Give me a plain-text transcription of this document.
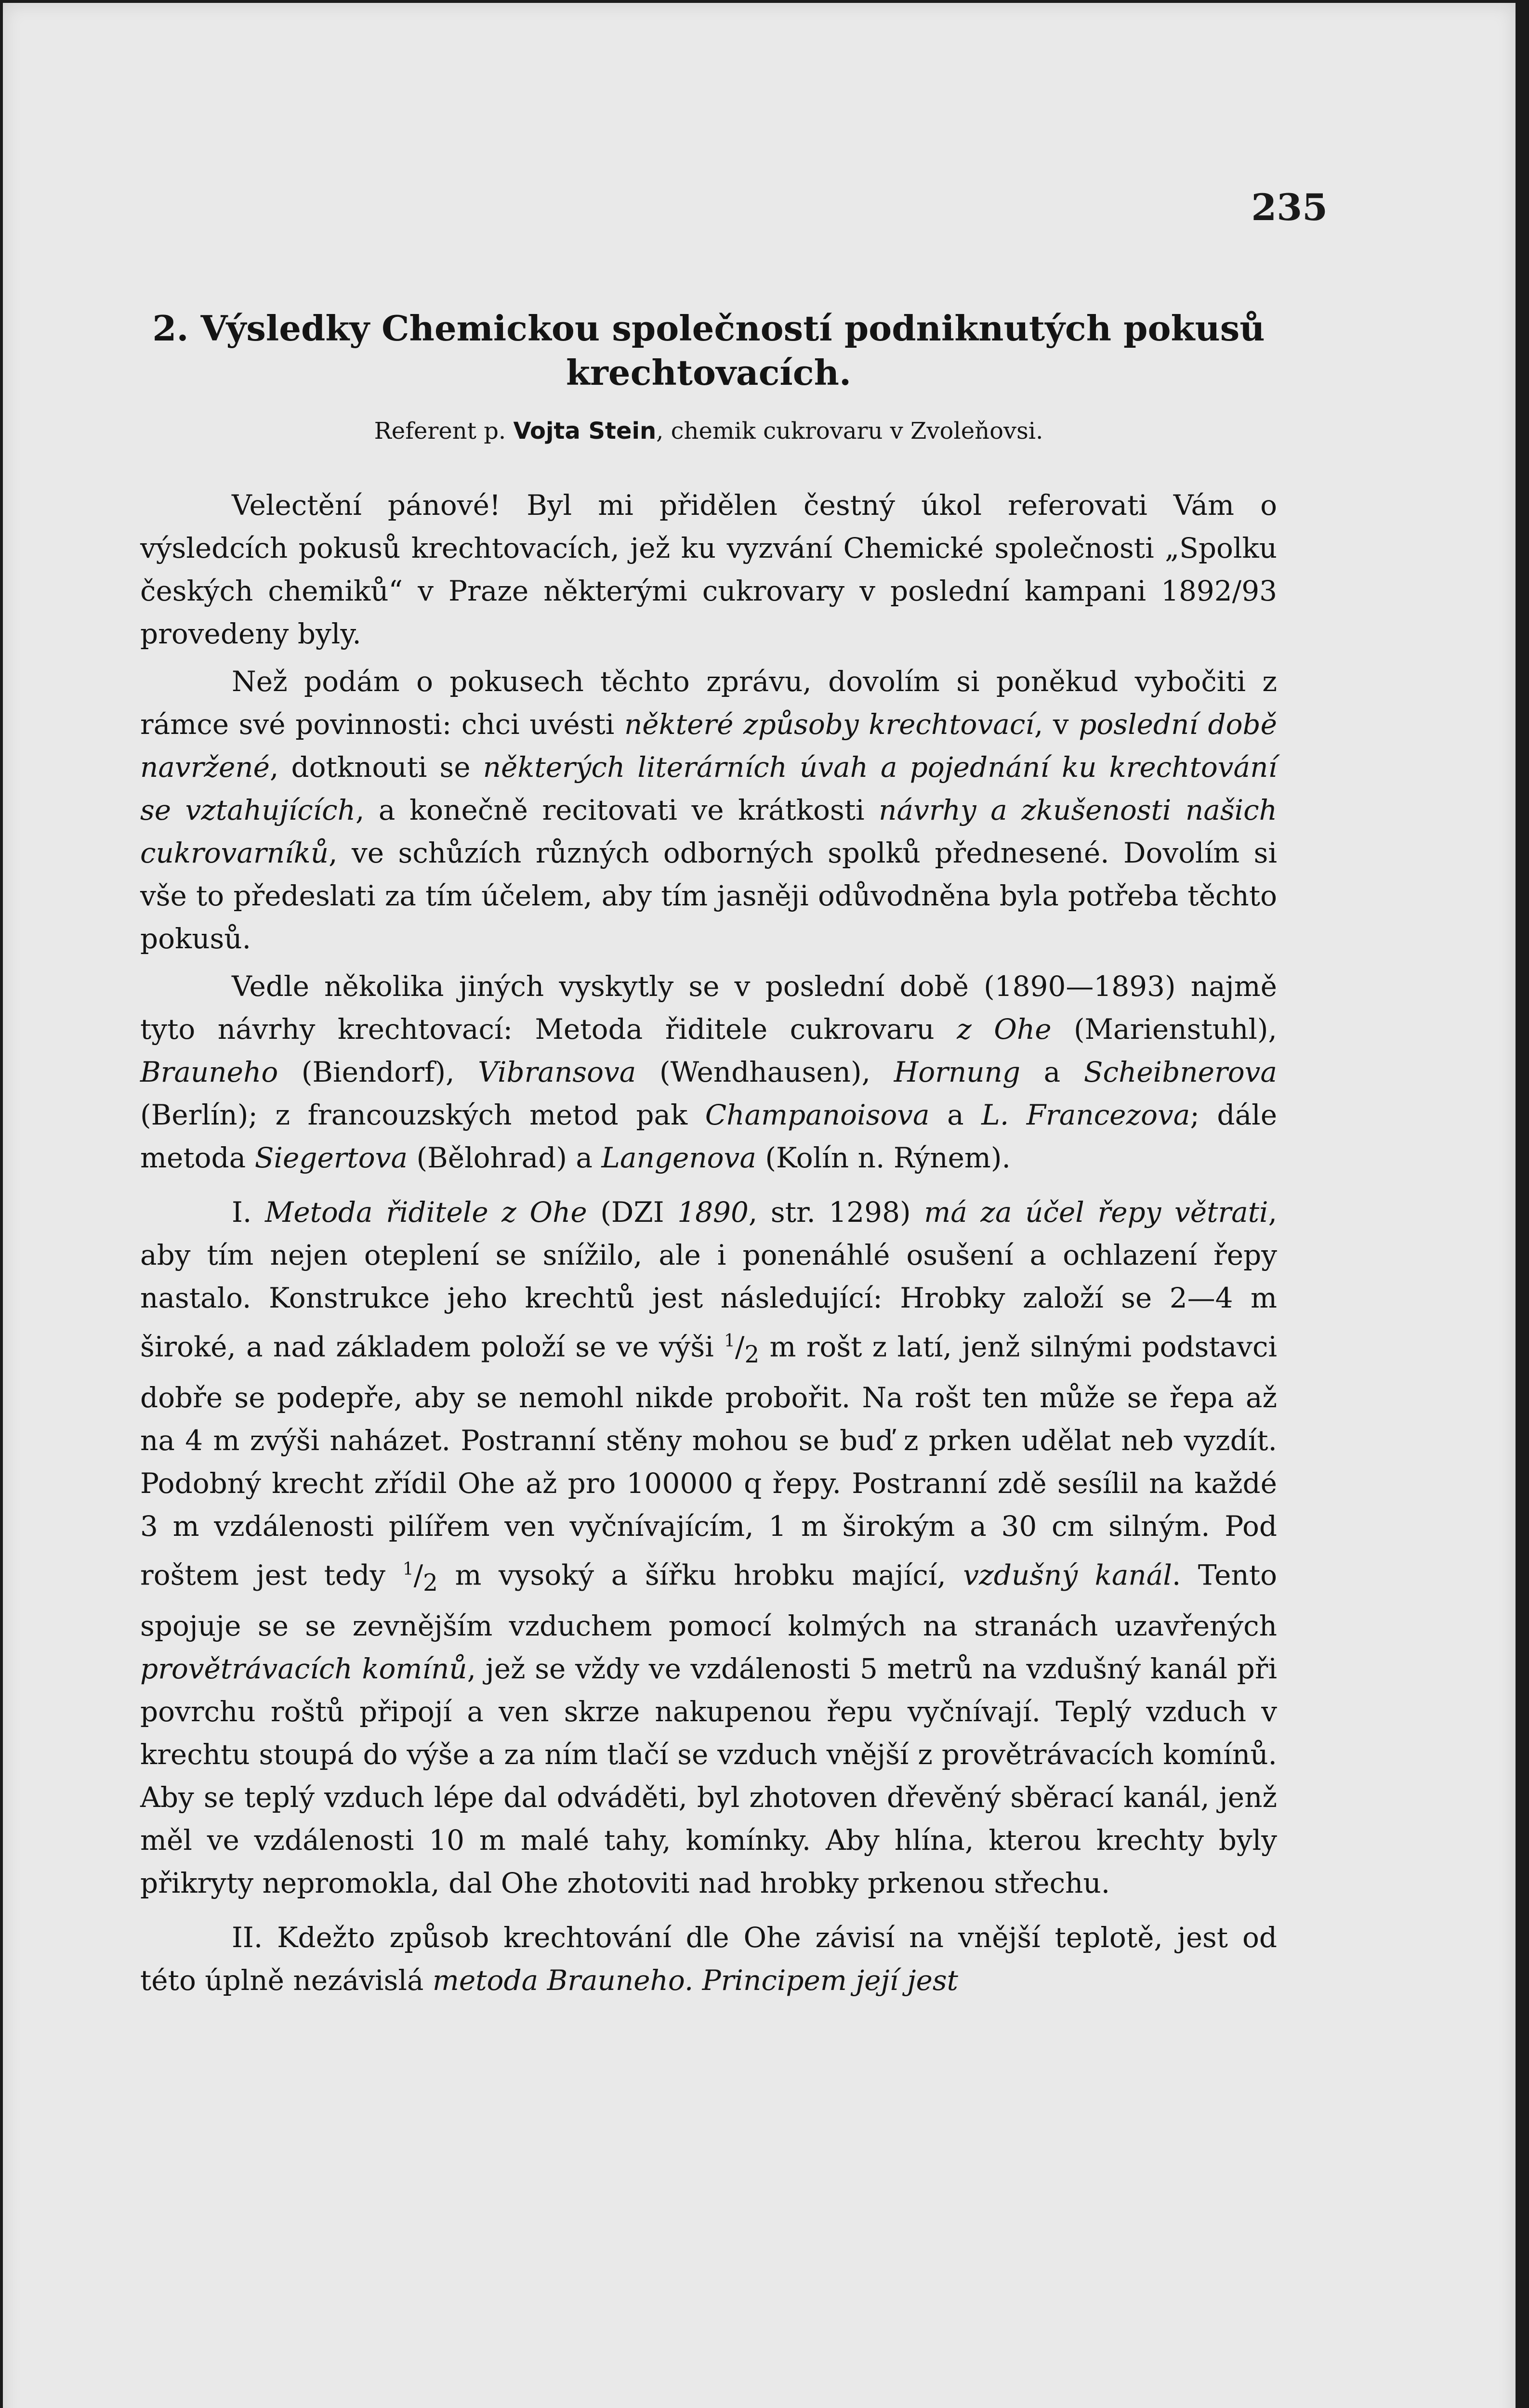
235
2. Výsledky Chemickou společností podniknutých pokusů
krechtovacích.
Referent p. Vojta Stein, chemik cukrovaru v Zvoleňovsi.

Velectění pánové! Byl mi přidělen čestný úkol referovati Vám o výsledcích pokusů krechtovacích, jež ku vyzvání Chemické společnosti „Spolku českých chemiků“ v Praze některými cukrovary v poslední kampani 1892/93 provedeny byly.

Než podám o pokusech těchto zprávu, dovolím si poněkud vybočiti z rámce své povinnosti: chci uvésti některé způsoby krechtovací, v poslední době navržené, dotknouti se některých literárních úvah a pojednání ku krechtování se vztahujících, a konečně recitovati ve krátkosti návrhy a zkušenosti našich cukrovarníků, ve schůzích různých odborných spolků přednesené. Dovolím si vše to předeslati za tím účelem, aby tím jasněji odůvodněna byla potřeba těchto pokusů.

Vedle několika jiných vyskytly se v poslední době (1890—1893) najmě tyto návrhy krechtovací: Metoda řiditele cukrovaru z Ohe (Marienstuhl), Brauneho (Biendorf), Vibransova (Wendhausen), Hornung a Scheibnerova (Berlín); z francouzských metod pak Champanoisova a L. Francezova; dále metoda Siegertova (Bělohrad) a Langenova (Kolín n. Rýnem).

I. Metoda řiditele z Ohe (DZI 1890, str. 1298) má za účel řepy větrati, aby tím nejen oteplení se snížilo, ale i ponenáhlé osušení a ochlazení řepy nastalo. Konstrukce jeho krechtů jest následující: Hrobky založí se 2—4 m široké, a nad základem položí se ve výši $^1/_2$ m rošt z latí, jenž silnými podstavci dobře se podepře, aby se nemohl nikde probořit. Na rošt ten může se řepa až na 4 m zvýši naházet. Postranní stěny mohou se buď z prken udělat neb vyzdít. Podobný krecht zřídil Ohe až pro 100000 q řepy. Postranní zdě sesílil na každé 3 m vzdálenosti pilířem ven vyčnívajícím, 1 m širokým a 30 cm silným. Pod roštem jest tedy $^1/_2$ m vysoký a šířku hrobku mající, vzdušný kanál. Tento spojuje se se zevnějším vzduchem pomocí kolmých na stranách uzavřených provětrávacích komínů, jež se vždy ve vzdálenosti 5 metrů na vzdušný kanál při povrchu roštů připojí a ven skrze nakupenou řepu vyčnívají. Teplý vzduch v krechtu stoupá do výše a za ním tlačí se vzduch vnější z provětrávacích komínů. Aby se teplý vzduch lépe dal odváděti, byl zhotoven dřevěný sběrací kanál, jenž měl ve vzdálenosti 10 m malé tahy, komínky. Aby hlína, kterou krechty byly přikryty nepromokla, dal Ohe zhotoviti nad hrobky prkenou střechu.

II. Kdežto způsob krechtování dle Ohe závisí na vnější teplotě, jest od této úplně nezávislá metoda Brauneho. Principem její jest
